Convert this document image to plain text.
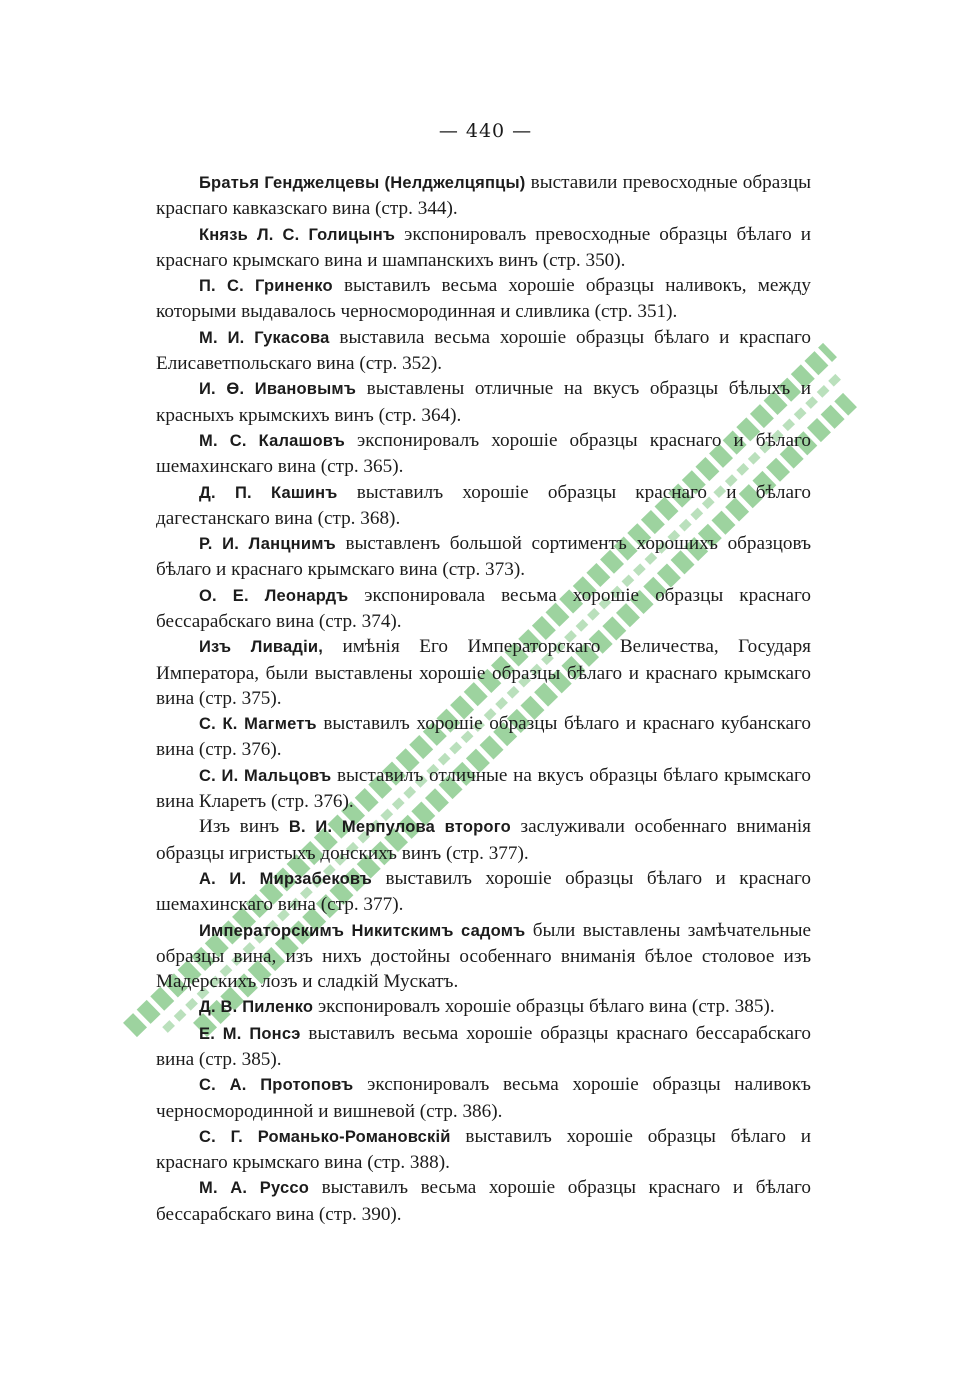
— 440 —

Братья Генджелцевы (Нелджелцяпцы) выставили превосходные образцы краспаго кавказскаго вина (стр. 344).

Князь Л. С. Голицынъ экспонировалъ превосходные образцы бѣлаго и краснаго крымскаго вина и шампанскихъ винъ (стр. 350).

П. С. Гриненко выставилъ весьма хорошіе образцы наливокъ, между которыми выдавалось черносмородинная и сливлика (стр. 351).

М. И. Гукасова выставила весьма хорошіе образцы бѣлаго и краспаго Елисаветпольскаго вина (стр. 352).

И. Ө. Ивановымъ выставлены отличные на вкусъ образцы бѣлыхъ и красныхъ крымскихъ винъ (стр. 364).

М. С. Калашовъ экспонировалъ хорошіе образцы краснаго и бѣлаго шемахинскаго вина (стр. 365).

Д. П. Кашинъ выставилъ хорошіе образцы краснаго и бѣлаго дагестанскаго вина (стр. 368).

Р. И. Ланцнимъ выставленъ большой сортиментъ хорошихъ образцовъ бѣлаго и краснаго крымскаго вина (стр. 373).

О. Е. Леонардъ экспонировала весьма хорошіе образцы краснаго бессарабскаго вина (стр. 374).

Изъ Ливадіи, имѣнія Его Императорскаго Величества, Государя Императора, были выставлены хорошіе образцы бѣлаго и краснаго крымскаго вина (стр. 375).

С. К. Магметъ выставилъ хорошіе образцы бѣлаго и краснаго кубанскаго вина (стр. 376).

С. И. Мальцовъ выставилъ отличные на вкусъ образцы бѣлаго крымскаго вина Кларетъ (стр. 376).

Изъ винъ В. И. Мерпулова второго заслуживали особеннаго вниманія образцы игристыхъ донскихъ винъ (стр. 377).

А. И. Мирзабековъ выставилъ хорошіе образцы бѣлаго и краснаго шемахинскаго вина (стр. 377).

Императорскимъ Никитскимъ садомъ были выставлены замѣчательные образцы вина, изъ нихъ достойны особеннаго вниманія бѣлое столовое изъ Мадерскихъ лозъ и сладкій Мускатъ.

Д. В. Пиленко экспонировалъ хорошіе образцы бѣлаго вина (стр. 385).

Е. М. Понсэ выставилъ весьма хорошіе образцы краснаго бессарабскаго вина (стр. 385).

С. А. Протоповъ экспонировалъ весьма хорошіе образцы наливокъ черносмородинной и вишневой (стр. 386).

С. Г. Романько-Романовскій выставилъ хорошіе образцы бѣлаго и краснаго крымскаго вина (стр. 388).

М. А. Руссо выставилъ весьма хорошіе образцы краснаго и бѣлаго бессарабскаго вина (стр. 390).
